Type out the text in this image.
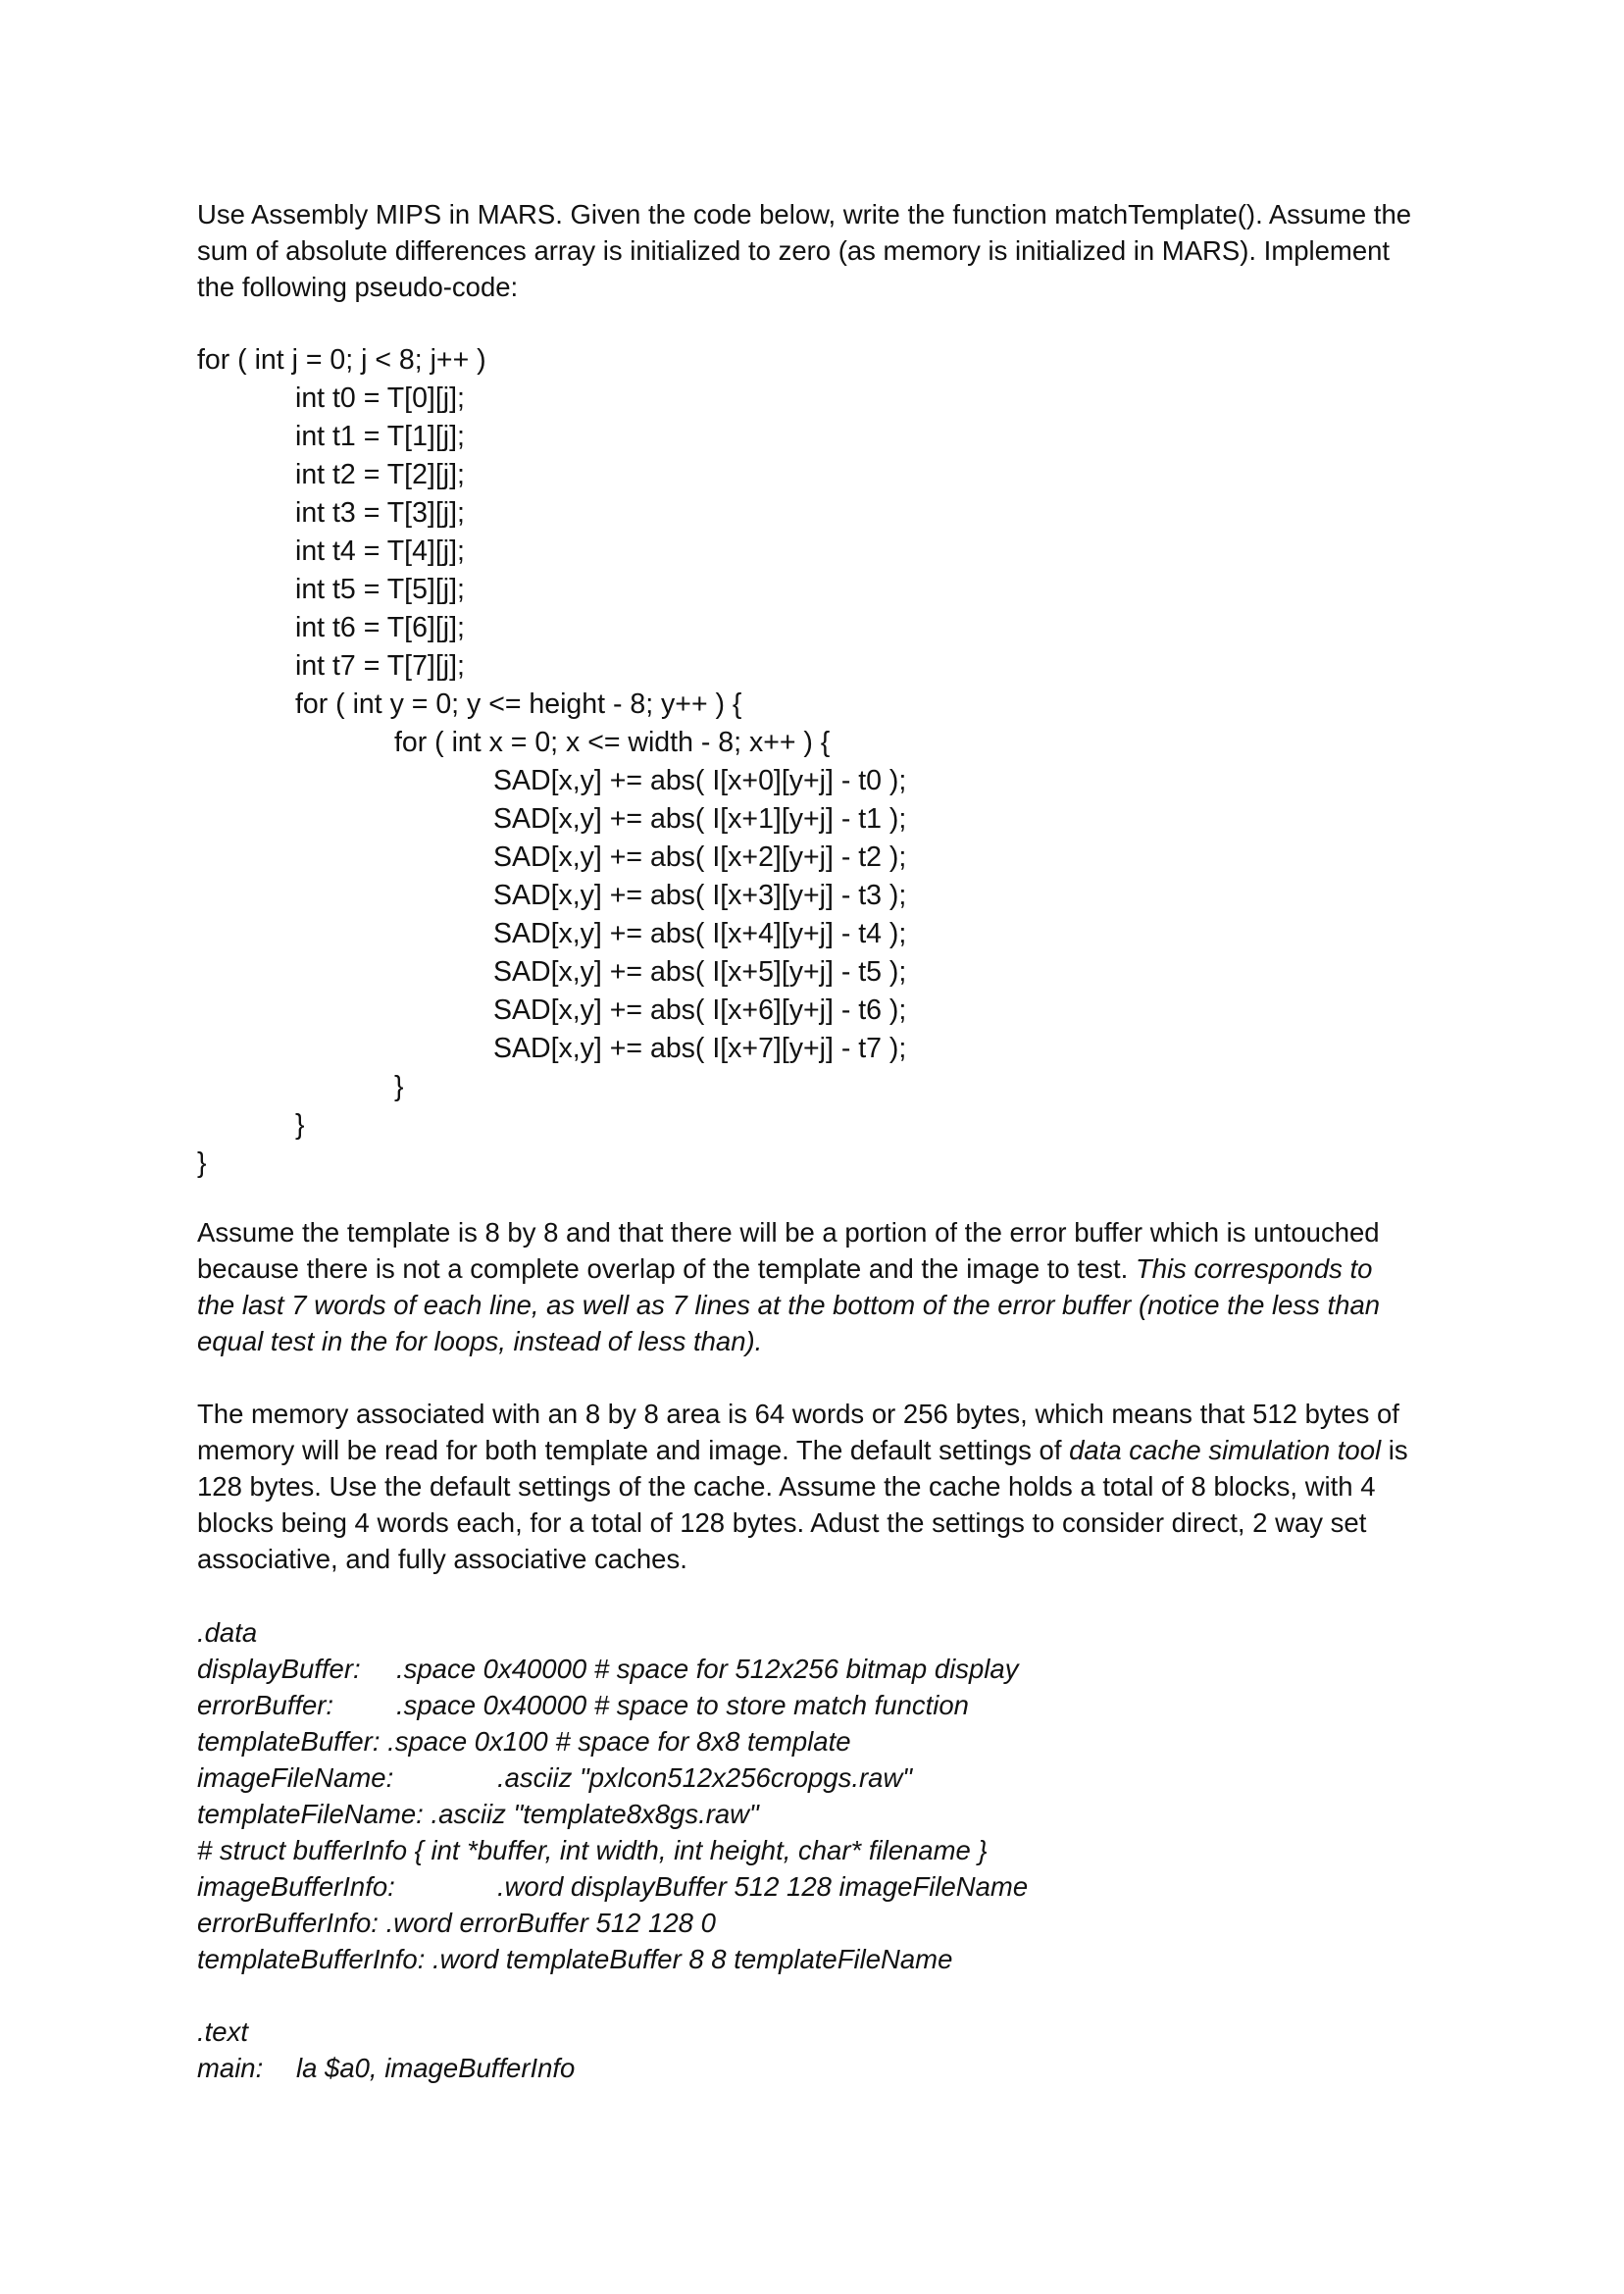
Use Assembly MIPS in MARS. Given the code below, write the function matchTemplate(). Assume the

sum of absolute differences array is initialized to zero (as memory is initialized in MARS). Implement

the following pseudo-code:

for ( int j = 0; j < 8; j++ )
int t0 = T[0][j];
int t1 = T[1][j];
int t2 = T[2][j];
int t3 = T[3][j];
int t4 = T[4][j];
int t5 = T[5][j];
int t6 = T[6][j];
int t7 = T[7][j];
for ( int y = 0; y <= height - 8; y++ ) {
for ( int x = 0; x <= width - 8; x++ ) {
SAD[x,y] += abs( I[x+0][y+j] - t0 );
SAD[x,y] += abs( I[x+1][y+j] - t1 );
SAD[x,y] += abs( I[x+2][y+j] - t2 );
SAD[x,y] += abs( I[x+3][y+j] - t3 );
SAD[x,y] += abs( I[x+4][y+j] - t4 );
SAD[x,y] += abs( I[x+5][y+j] - t5 );
SAD[x,y] += abs( I[x+6][y+j] - t6 );
SAD[x,y] += abs( I[x+7][y+j] - t7 );
}
}
}

Assume the template is 8 by 8 and that there will be a portion of the error buffer which is untouched

because there is not a complete overlap of the template and the image to test. This corresponds to

the last 7 words of each line, as well as 7 lines at the bottom of the error buffer (notice the less than

equal test in the for loops, instead of less than).

The memory associated with an 8 by 8 area is 64 words or 256 bytes, which means that 512 bytes of

memory will be read for both template and image. The default settings of data cache simulation tool is

128 bytes. Use the default settings of the cache. Assume the cache holds a total of 8 blocks, with 4

blocks being 4 words each, for a total of 128 bytes. Adust the settings to consider direct, 2 way set

associative, and fully associative caches.

.data
displayBuffer: .space 0x40000 # space for 512x256 bitmap display
errorBuffer: .space 0x40000 # space to store match function
templateBuffer: .space 0x100 # space for 8x8 template
imageFileName:	.asciiz "pxlcon512x256cropgs.raw"
templateFileName: .asciiz "template8x8gs.raw"
# struct bufferInfo { int *buffer, int width, int height, char* filename }
imageBufferInfo:	.word displayBuffer 512 128 imageFileName
errorBufferInfo: .word errorBuffer 512 128 0
templateBufferInfo: .word templateBuffer 8 8 templateFileName
.text
main: la $a0, imageBufferInfo
